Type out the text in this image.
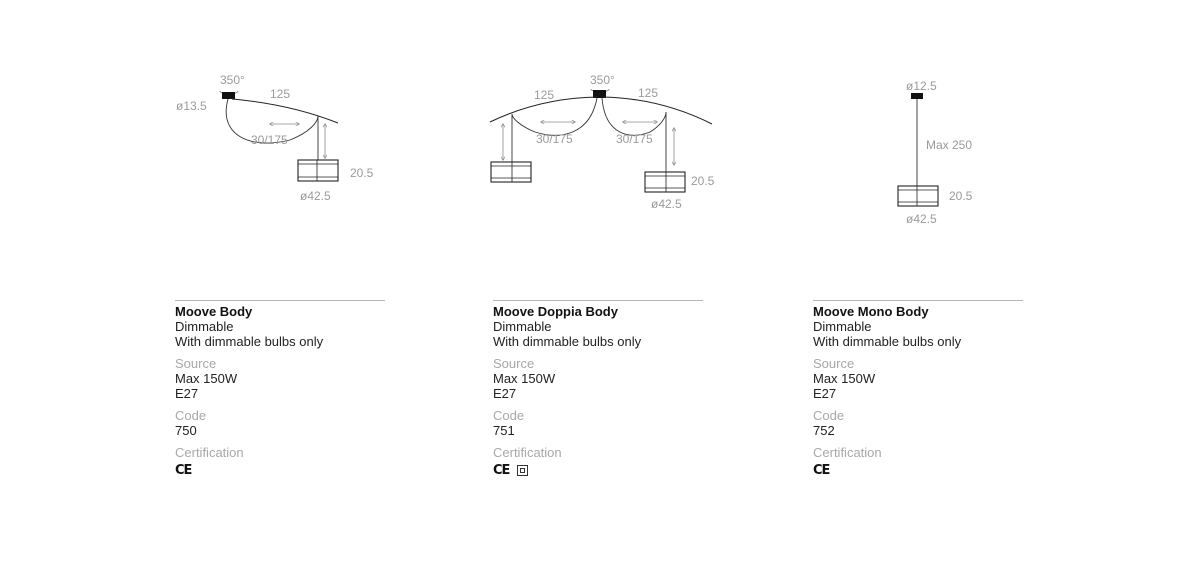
350°
ø13.5
125
30/175
20.5
ø42.5
350°
125	125
30/175	30/175
20.5
ø42.5
ø12.5
Max 250
20.5
ø42.5
Moove Body
Dimmable
With dimmable bulbs only
Source
Max 150W
E27
Code
750
Certification
CE
Moove Doppia Body
Dimmable
With dimmable bulbs only
Source
Max 150W
E27
Code
751
Certification
CE
Moove Mono Body
Dimmable
With dimmable bulbs only
Source
Max 150W
E27
Code
752
Certification
CE
